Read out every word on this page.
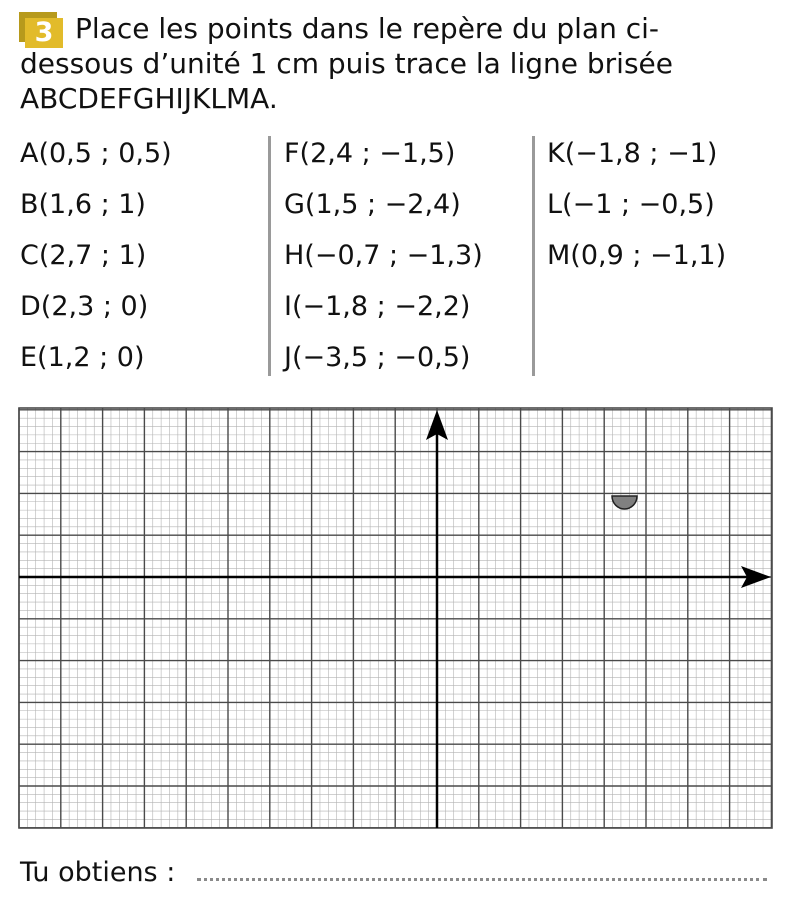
3 Place les points dans le repère du plan ci-dessous d’unité 1 cm puis trace la ligne brisée ABCDEFGHIJKLMA.

A(0,5 ; 0,5)
B(1,6 ; 1)
C(2,7 ; 1)
D(2,3 ; 0)
E(1,2 ; 0)
F(2,4 ; −1,5)
G(1,5 ; −2,4)
H(−0,7 ; −1,3)
I(−1,8 ; −2,2)
J(−3,5 ; −0,5)
K(−1,8 ; −1)
L(−1 ; −0,5)
M(0,9 ; −1,1)
Tu obtiens :
